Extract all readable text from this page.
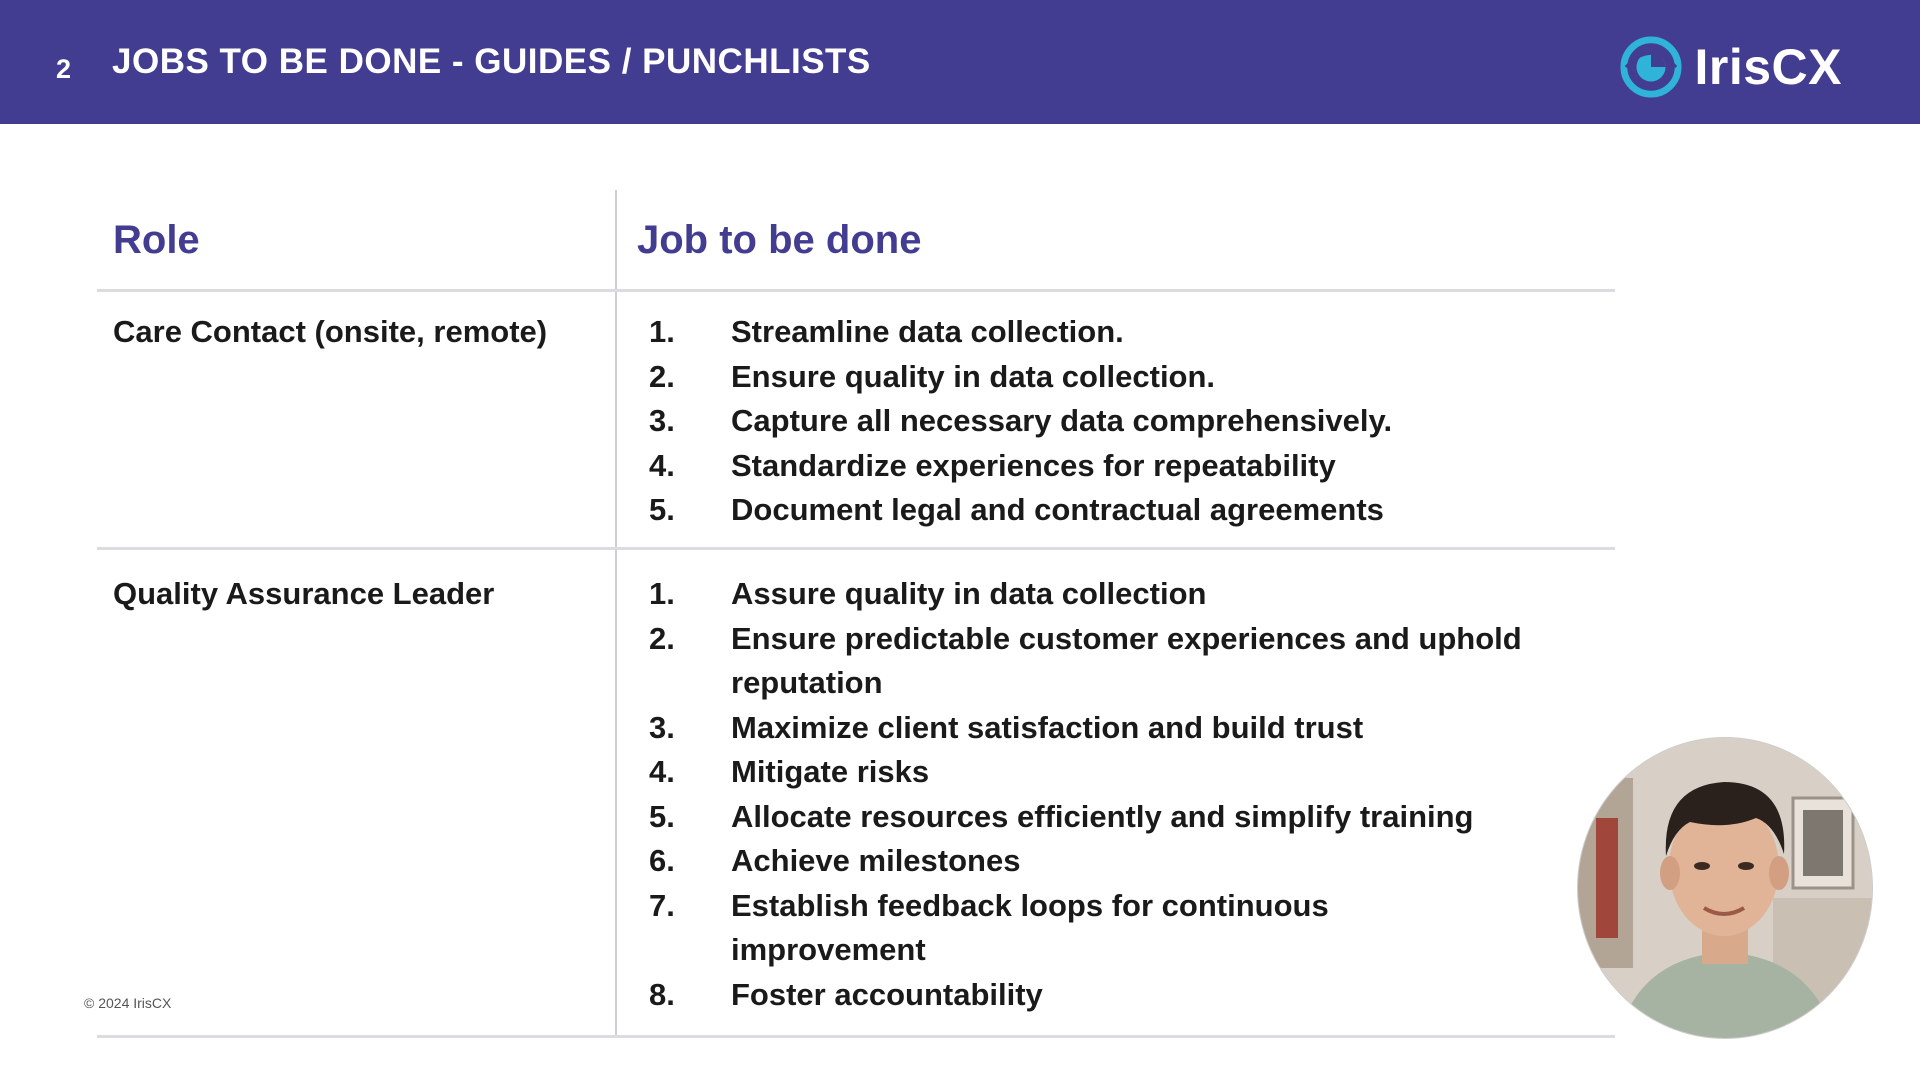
2 JOBS TO BE DONE - GUIDES / PUNCHLISTS	IrisCX
Role	Job to be done
Care Contact (onsite, remote)	1.	Streamline data collection.
2.	Ensure quality in data collection.
3.	Capture all necessary data comprehensively.
4.	Standardize experiences for repeatability
5.	Document legal and contractual agreements
Quality Assurance Leader	1.	Assure quality in data collection
2.	Ensure predictable customer experiences and uphold reputation
3.	Maximize client satisfaction and build trust
4.	Mitigate risks
5.	Allocate resources efficiently and simplify training
6.	Achieve milestones
7.	Establish feedback loops for continuous improvement
8.	Foster accountability
© 2024 IrisCX
